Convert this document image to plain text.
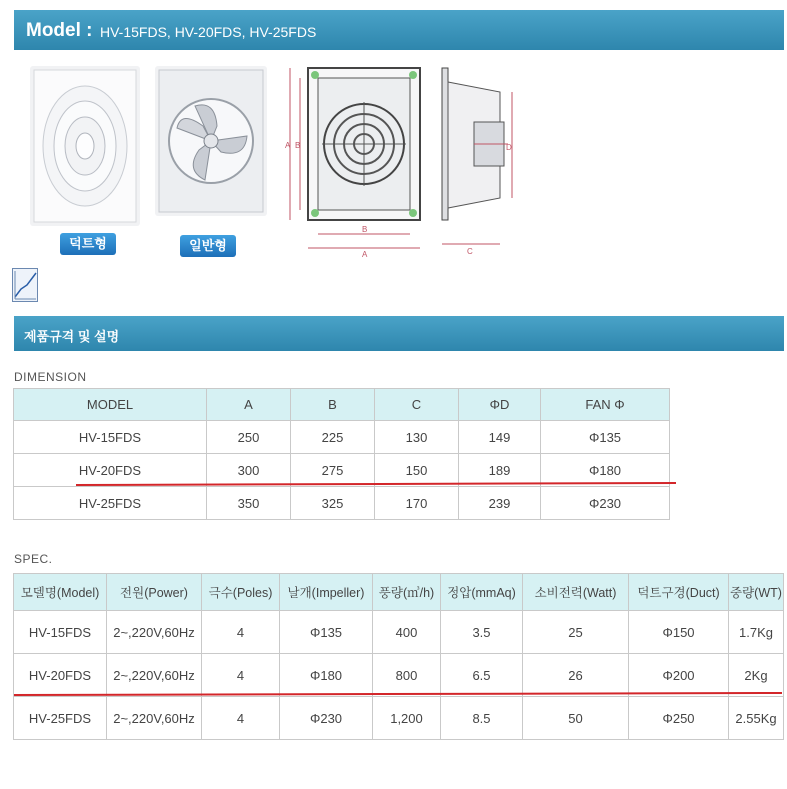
Model : HV-15FDS, HV-20FDS, HV-25FDS
덕트형	일반형
A B
B
A
D
C
제품규격 및 설명
DIMENSION
MODEL	A	B	C	ΦD	FAN Φ
HV-15FDS	250	225	130	149	Φ135
HV-20FDS	300	275	150	189	Φ180
HV-25FDS	350	325	170	239	Φ230
SPEC.
모델명(Model)	전원(Power)	극수(Poles)	날개(Impeller)	풍량(㎥/h)	정압(mmAq)	소비전력(Watt)	덕트구경(Duct)	중량(WT)
HV-15FDS	2~,220V,60Hz	4	Φ135	400	3.5	25	Φ150	1.7Kg
HV-20FDS	2~,220V,60Hz	4	Φ180	800	6.5	26	Φ200	2Kg
HV-25FDS	2~,220V,60Hz	4	Φ230	1,200	8.5	50	Φ250	2.55Kg
